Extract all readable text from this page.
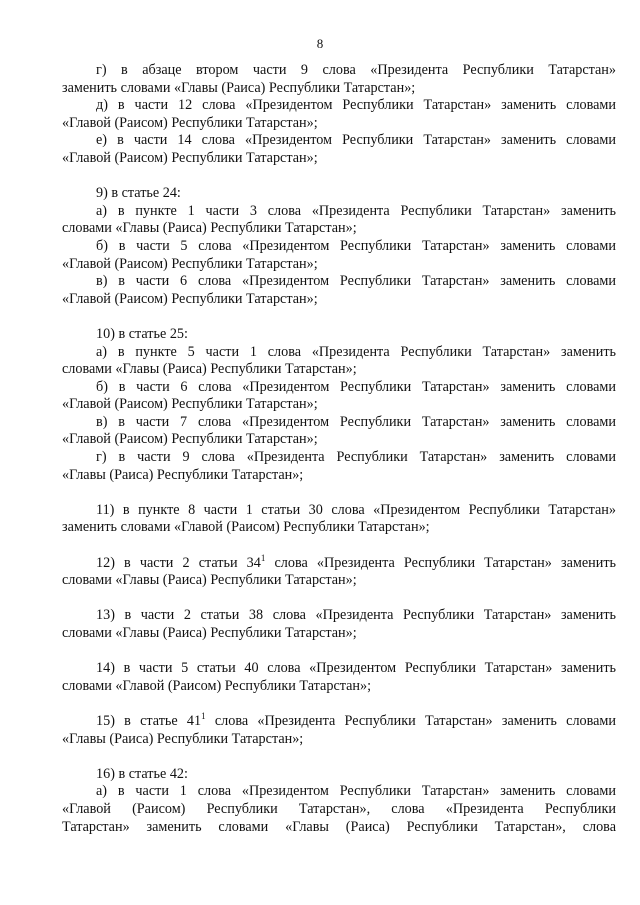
8
г) в абзаце втором части 9 слова «Президента Республики Татарстан»
заменить словами «Главы (Раиса) Республики Татарстан»;
д) в части 12 слова «Президентом Республики Татарстан» заменить словами
«Главой (Раисом) Республики Татарстан»;
е) в части 14 слова «Президентом Республики Татарстан» заменить словами
«Главой (Раисом) Республики Татарстан»;
9) в статье 24:
а) в пункте 1 части 3 слова «Президента Республики Татарстан» заменить
словами «Главы (Раиса) Республики Татарстан»;
б) в части 5 слова «Президентом Республики Татарстан» заменить словами
«Главой (Раисом) Республики Татарстан»;
в) в части 6 слова «Президентом Республики Татарстан» заменить словами
«Главой (Раисом) Республики Татарстан»;
10) в статье 25:
а) в пункте 5 части 1 слова «Президента Республики Татарстан» заменить
словами «Главы (Раиса) Республики Татарстан»;
б) в части 6 слова «Президентом Республики Татарстан» заменить словами
«Главой (Раисом) Республики Татарстан»;
в) в части 7 слова «Президентом Республики Татарстан» заменить словами
«Главой (Раисом) Республики Татарстан»;
г) в части 9 слова «Президента Республики Татарстан» заменить словами
«Главы (Раиса) Республики Татарстан»;
11) в пункте 8 части 1 статьи 30 слова «Президентом Республики Татарстан»
заменить словами «Главой (Раисом) Республики Татарстан»;
12) в части 2 статьи $34^1$ слова «Президента Республики Татарстан» заменить
словами «Главы (Раиса) Республики Татарстан»;
13) в части 2 статьи 38 слова «Президента Республики Татарстан» заменить
словами «Главы (Раиса) Республики Татарстан»;
14) в части 5 статьи 40 слова «Президентом Республики Татарстан» заменить
словами «Главой (Раисом) Республики Татарстан»;
15) в статье $41^1$ слова «Президента Республики Татарстан» заменить словами
«Главы (Раиса) Республики Татарстан»;
16) в статье 42:
а) в части 1 слова «Президентом Республики Татарстан» заменить словами
«Главой (Раисом) Республики Татарстан», слова «Президента Республики
Татарстан» заменить словами «Главы (Раиса) Республики Татарстан», слова
